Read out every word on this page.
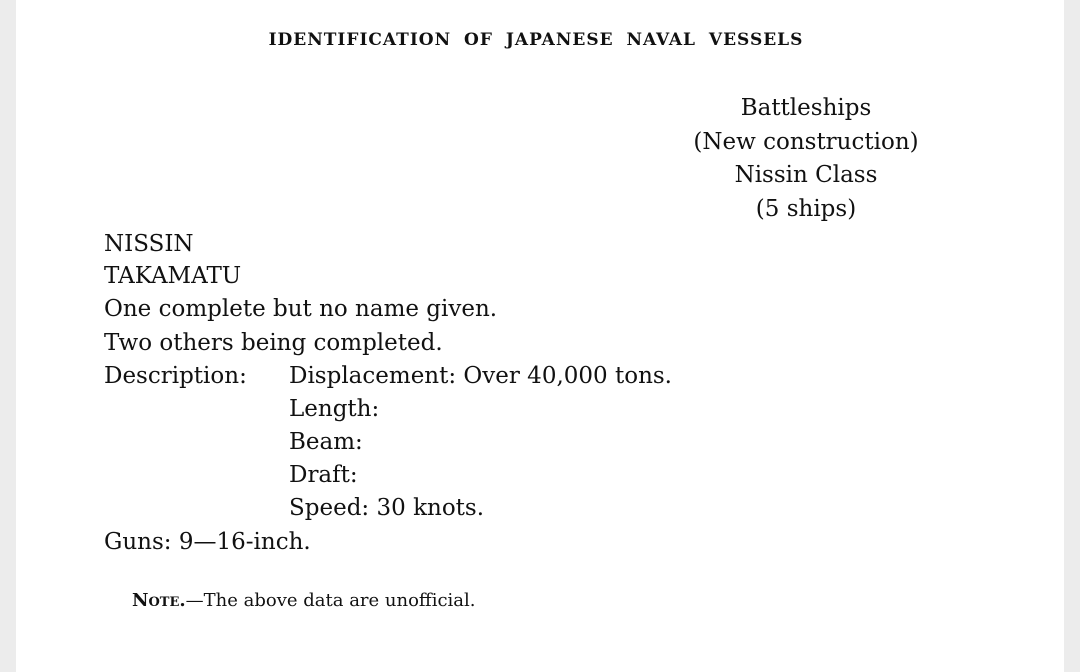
IDENTIFICATION OF JAPANESE NAVAL VESSELS
Battleships
(New construction)
Nissin Class
(5 ships)
NISSIN
TAKAMATU
One complete but no name given.
Two others being completed.
Description: Displacement: Over 40,000 tons.
Length:
Beam:
Draft:
Speed: 30 knots.
Guns: 9—16-inch.
Note.—The above data are unofficial.
